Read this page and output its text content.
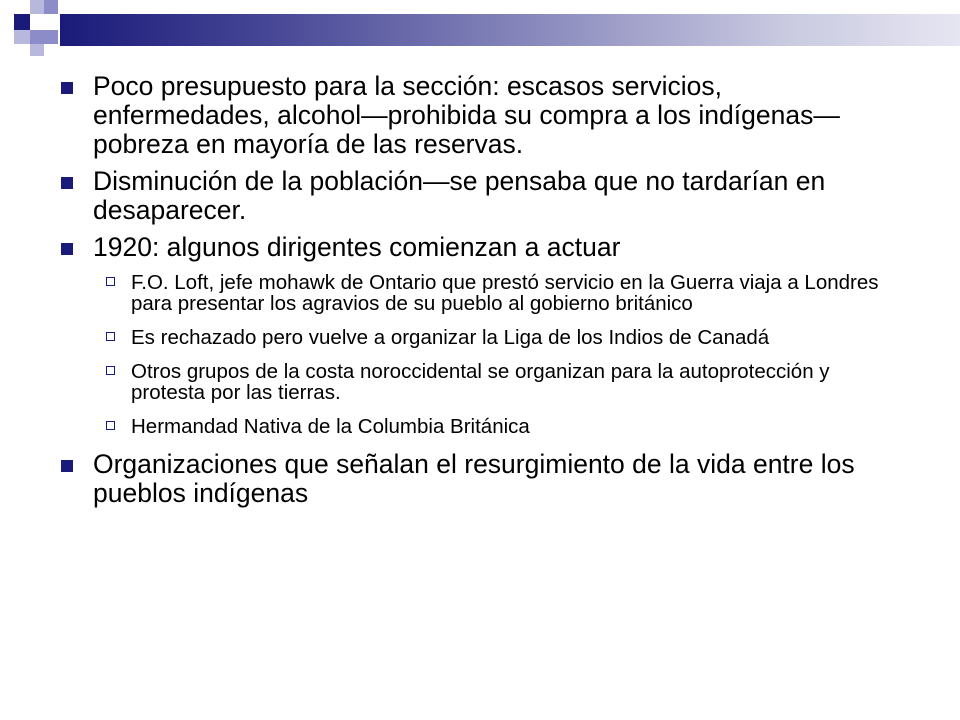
Poco presupuesto para la sección: escasos servicios, enfermedades, alcohol—prohibida su compra a los indígenas—pobreza en mayoría de las reservas.
Disminución de la población—se pensaba que no tardarían en desaparecer.
1920: algunos dirigentes comienzan a actuar
F.O. Loft, jefe mohawk de Ontario que prestó servicio en la Guerra viaja a Londres para presentar los agravios de su pueblo al gobierno británico
Es rechazado pero vuelve a organizar la Liga de los Indios de Canadá
Otros grupos de la costa noroccidental se organizan para la autoprotección y protesta por las tierras.
Hermandad Nativa de la Columbia Británica
Organizaciones que señalan el resurgimiento de la vida entre los pueblos indígenas
